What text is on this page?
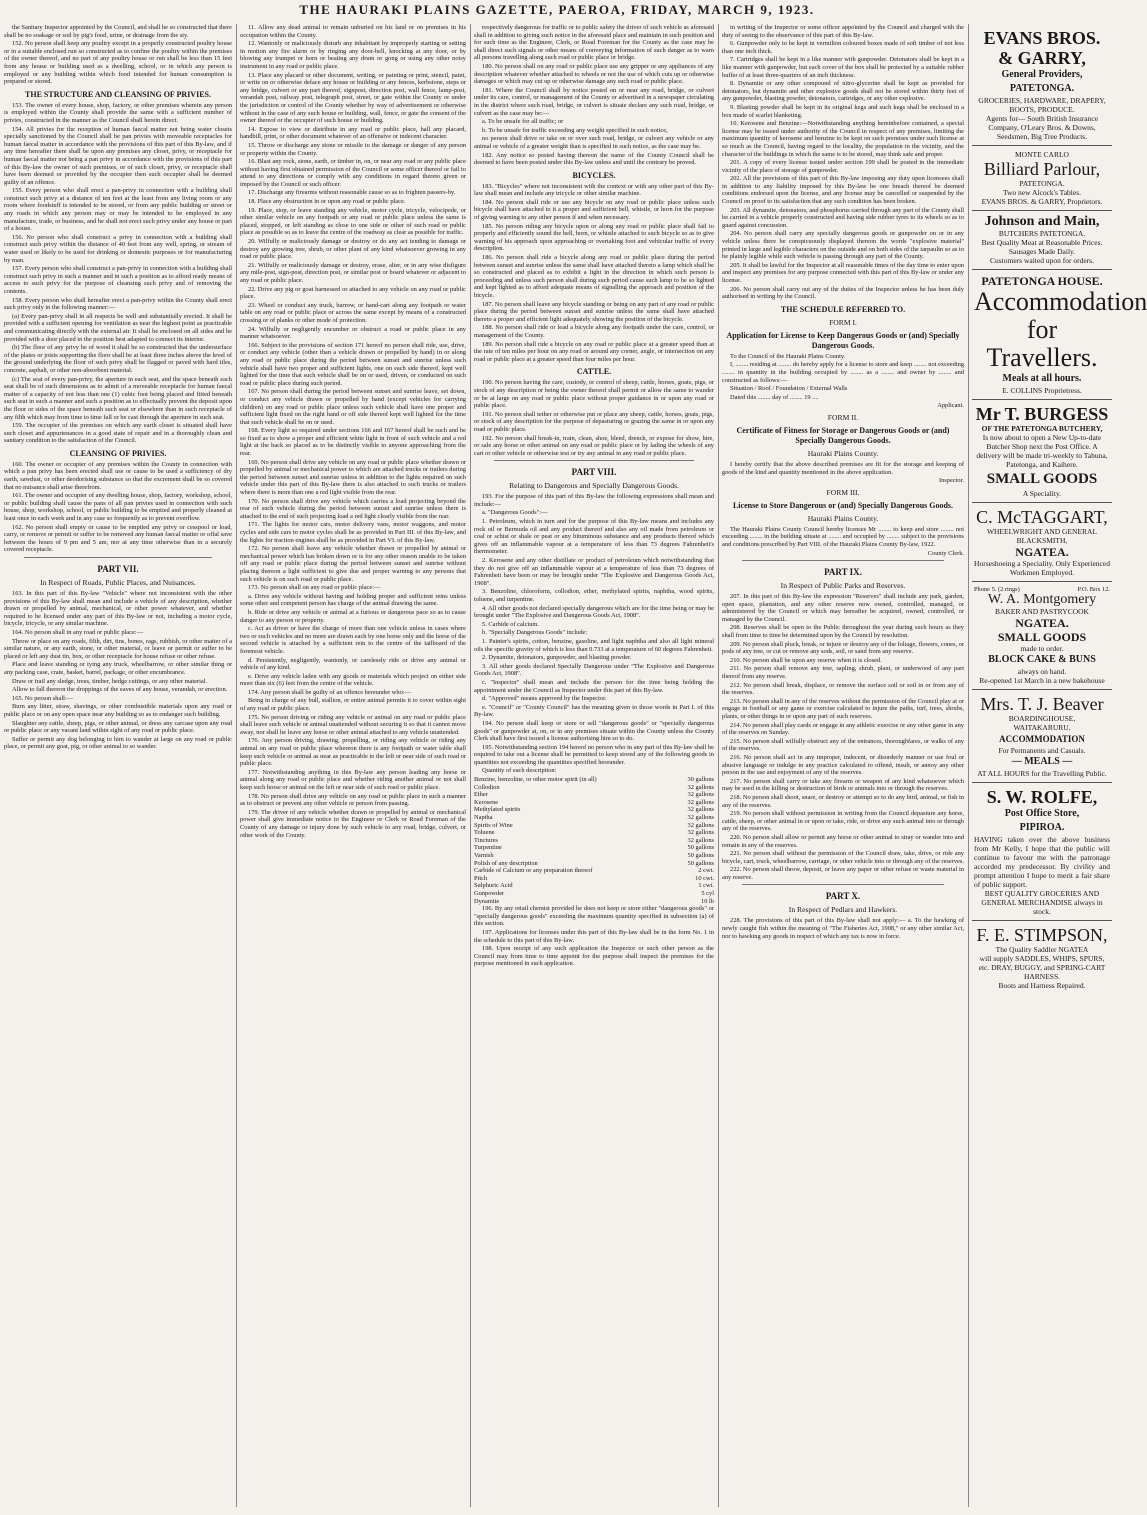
THE HAURAKI PLAINS GAZETTE, PAEROA, FRIDAY, MARCH 9, 1923.

the Sanitary Inspector appointed by the Council, and shall be so constructed that there shall be no soakage or soil by pig's food, urine, or drainage from the sty.

152. No person shall keep any poultry except in a properly constructed poultry house or in a suitable enclosed run so constructed as to confine the poultry within the premises of the owner thereof, and no part of any poultry house or run shall be less than 15 feet from any house or building used as a dwelling, school, or in which any person is employed or any building within which food intended for human consumption is prepared or stored.

THE STRUCTURE AND CLEANSING OF PRIVIES.

153. The owner of every house, shop, factory, or other premises wherein any person is employed within the County shall provide the same with a sufficient number of privies, constructed in the manner as the Council shall herein direct.

154. All privies for the reception of human faecal matter not being water closets specially sanctioned by the Council shall be pan privies with moveable receptacles for human faecal matter in accordance with the provisions of this part of this By-law, and if any time hereafter there shall be upon any premises any closet, privy, or receptacle for human faecal matter not being a pan privy in accordance with the provisions of this part of this By-law the owner of such premises, or of such closet, privy, or receptacle shall have been deemed or provided by the occupier then such occupier shall be deemed guilty of an offence.

155. Every person who shall erect a pan-privy in connection with a building shall construct such privy at a distance of ten feet at the least from any living room or any room where foodstuff is intended to be stored, or from any public building or street or any roads in which any person may or may be intended to be employed in any manufacture, trade, or business, and he shall not erect such privy under any house or part of a house.

156. No person who shall construct a privy in connection with a building shall construct such privy within the distance of 40 feet from any well, spring, or stream of water used or likely to be used for drinking or domestic purposes or for manufacturing by man.

157. Every person who shall construct a pan-privy in connection with a building shall construct such privy in such a manner and in such a position as to afford ready means of access to such privy for the purpose of cleansing such privy and of removing the contents.

158. Every person who shall hereafter erect a pan-privy within the County shall erect such privy only in the following manner:—

(a) Every pan-privy shall in all respects be well and substantially erected. It shall be provided with a sufficient opening for ventilation as near the highest point as practicable and communicating directly with the external air. It shall be enclosed on all sides and be provided with a door placed in the position best adapted to connect its interior.

(b) The floor of any privy be of wood it shall be so constructed that the undersurface of the plates or joists supporting the floor shall be at least three inches above the level of the ground underlying the floor of such privy shall be flagged or paved with hard tiles, concrete, asphalt, or other non-absorbent material.

(c) The seat of every pan-privy, the aperture in each seat, and the space beneath each seat shall be of such dimensions as to admit of a moveable receptacle for human faecal matter of a capacity of not less than one (1) cubic foot being placed and fitted beneath such seat in such a manner and such a position as to effectually prevent the deposit upon the floor or sides of the space beneath such seat or elsewhere than in such receptacle of any filth which may from time to time fall or be cast through the aperture in such seat.

159. The occupier of the premises on which any earth closet is situated shall have such closet and appurtenances in a good state of repair and in a thoroughly clean and sanitary condition to the satisfaction of the Council.

CLEANSING OF PRIVIES.

160. The owner or occupier of any premises within the County in connection with which a pan privy has been erected shall use or cause to be used a sufficiency of dry earth, sawdust, or other deodorising substance so that the excrement shall be so covered that no nuisance shall arise therefrom.

161. The owner and occupier of any dwelling house, shop, factory, workshop, school, or public building shall cause the pans of all pan privies used in connection with such house, shop, workshop, school, or public building to be emptied and properly cleaned at least once in each week and in any case so frequently as to prevent overflow.

162. No person shall empty or cause to be emptied any privy or cesspool or load, carry, or remove or permit or suffer to be removed any human faecal matter or offal save between the hours of 9 pm and 5 am, nor at any time otherwise than in a securely covered receptacle.

PART VII.

In Respect of Roads, Public Places, and Nuisances.

163. In this part of this By-law "Vehicle" where not inconsistent with the other provisions of this By-law shall mean and include a vehicle of any description, whether drawn or propelled by animal, mechanical, or other power whatever, and whether required to be licensed under any part of this By-law or not, including a motor cycle, bicycle, tricycle, or any similar machine.

164. No person shall in any road or public place:—

Throw or place on any roads, filth, dirt, tins, bones, rags, rubbish, or other matter of a similar nature, or any earth, stone, or other material, or leave or permit or suffer to be placed or left any dust tin, box, or other receptacle for house refuse or other refuse.

Place and leave standing or tying any truck, wheelbarrow, or other similar thing or any packing case, crate, basket, barrel, package, or other encumbrance.

Draw or trail any sledge, trees, timber, hedge cuttings, or any other material.

Allow to fall thereon the droppings of the eaves of any house, verandah, or erection.

165. No person shall:—

Burn any litter, straw, shavings, or other combustible materials upon any road or public place or on any open space near any building so as to endanger such building.

Slaughter any cattle, sheep, pigs, or other animal, or dress any carcase upon any road or public place or any vacant land within sight of any road or public place.

Suffer or permit any dog belonging to him to wander at large on any road or public place, or permit any goat, pig, or other animal to so wander.

11. Allow any dead animal to remain unburied on his land or on premises in his occupation within the County.

12. Wantonly or maliciously disturb any inhabitant by improperly starting or setting in motion any fire alarm or by ringing any door-bell, knocking at any door, or by blowing any trumpet or horn or beating any drum or gong or using any other noisy instrument in any road or public place.

13. Place any placard or other document, writing, or painting or print, stencil, paint, or write on or otherwise deface any house or building or any fences, kerbstone, steps or any bridge, culvert or any part thereof, signpost, direction post, wall fence, lamp-post, verandah post, railway post, telegraph post, street, or gate within the County or under the jurisdiction or control of the County whether by way of advertisement or otherwise without in the case of any such house or building, wall, fence, or gate the consent of the owner thereof or the occupier of such house or building.

14. Expose to view or distribute in any road or public place, hall any placard, handbill, print, or other document whatever of an offensive or indecent character.

15. Throw or discharge any stone or missile to the damage or danger of any person or property within the County.

16. Blast any rock, stone, earth, or timber in, on, or near any road or any public place without having first obtained permission of the Council or some officer thereof or fail to attend to any directions or comply with any conditions in regard thereto given or imposed by the Council or such officer.

17. Discharge any firearms without reasonable cause so as to frighten passers-by.

18. Place any obstruction in or upon any road or public place.

19. Place, stop, or leave standing any vehicle, motor cycle, tricycle, velocipede, or other similar vehicle on any footpath or any road or public place unless the same is placed, stopped, or left standing as close to one side or other of such road or public place as possible so as to leave the centre of the roadway as clear as possible for traffic.

20. Wilfully or maliciously damage or destroy or do any act tending to damage or destroy any growing tree, shrub, or other plant of any kind whatsoever growing in any road or public place.

21. Wilfully or maliciously damage or destroy, erase, alter, or in any wise disfigure any mile-post, sign-post, direction post, or similar post or board whatever or adjacent to any road or public place.

22. Drive any pig or goat harnessed or attached to any vehicle on any road or public place.

23. Wheel or conduct any truck, barrow, or hand-cart along any footpath or water table on any road or public place or across the same except by means of a constructed crossing or of planks or other mode of protection.

24. Wilfully or negligently encumber or obstruct a road or public place in any manner whatsoever.

166. Subject to the provisions of section 171 hereof no person shall ride, use, drive, or conduct any vehicle (other than a vehicle drawn or propelled by hand) in or along any road or public place during the period between sunset and sunrise unless such vehicle shall have two proper and sufficient lights, one on each side thereof, kept well lighted for the time that such vehicle shall be on or used, driven, or conducted on such road or public place during such period.

167. No person shall during the period between sunset and sunrise leave, set down, or conduct any vehicle drawn or propelled by hand (except vehicles for carrying children) on any road or public place unless such vehicle shall have one proper and sufficient light fixed on the right hand or off side thereof kept well lighted for the time that such vehicle shall be on or used.

168. Every light so required under sections 166 and 167 hereof shall be such and be so fixed as to show a proper and efficient white light in front of such vehicle and a red light at the back so placed as to be distinctly visible to anyone approaching from the rear.

169. No person shall drive any vehicle on any road or public place whether drawn or propelled by animal or mechanical power to which are attached trucks or trailers during the period between sunset and sunrise unless in addition to the lights required on such vehicle under this part of this By-law there is also attached to such trucks or trailers where there is more than one a red light visible from the rear.

170. No person shall drive any vehicle which carries a load projecting beyond the rear of such vehicle during the period between sunset and sunrise unless there is attached to the end of such projecting load a red light clearly visible from the rear.

171. The lights for motor cars, motor delivery vans, motor waggons, and motor cycles and side cars to motor cycles shall be as provided in Part III. of this By-law, and the lights for traction engines shall be as provided in Part VI. of this By-law.

172. No person shall leave any vehicle whether drawn or propelled by animal or mechanical power which has broken down or is for any other reason unable to be taken off any road or public place during the period between sunset and sunrise without placing thereon a light sufficient to give due and proper warning to any persons that such vehicle is on such road or public place.

173. No person shall on any road or public place:—

a. Drive any vehicle without having and holding proper and sufficient reins unless some other and competent person has charge of the animal drawing the same.

b. Ride or drive any vehicle or animal at a furious or dangerous pace so as to cause danger to any person or property.

c. Act as driver or have the charge of more than one vehicle unless in cases where two or such vehicles and no more are drawn each by one horse only and the horse of the second vehicle is attached by a sufficient rein to the centre of the tailboard of the foremost vehicle.

d. Persistently, negligently, wantonly, or carelessly ride or drive any animal or vehicle of any kind.

e. Drive any vehicle laden with any goods or materials which project on either side more than six (6) feet from the centre of the vehicle.

174. Any person shall be guilty of an offence hereunder who:—

Being in charge of any bull, stallion, or entire animal permits it to cover within sight of any road or public place.

175. No person driving or riding any vehicle or animal on any road or public place shall leave such vehicle or animal unattended without securing it so that it cannot move away, nor shall he leave any horse or other animal attached to any vehicle unattended.

176. Any person driving, drawing, propelling, or riding any vehicle or riding any animal on any road or public place whereon there is any footpath or water table shall keep such vehicle or animal as near as practicable to the left or near side of such road or public place.

177. Notwithstanding anything in this By-law any person leading any horse or animal along any road or public place and whether riding another animal or not shall keep such horse or animal on the left or near side of such road or public place.

178. No person shall drive any vehicle on any road or public place in such a manner as to obstruct or prevent any other vehicle or person from passing.

179. The driver of any vehicle whether drawn or propelled by animal or mechanical power shall give immediate notice to the Engineer or Clerk or Road Foreman of the County of any damage or injury done by such vehicle to any road, bridge, culvert, or other work of the County.

respectively dangerous for traffic or to public safety the driver of such vehicle as aforesaid shall in addition to giving such notice in the aforesaid place and maintain in such position and for such time as the Engineer, Clerk, or Road Foreman for the County as the case may be shall direct such signals or other means of conveying information of such danger as to warn all persons travelling along such road or public place or bridge.

180. No person shall on any road or public place use any gripper or any appliances of any description whatever whether attached to wheels or not the use of which cuts up or otherwise damages or which may cut up or otherwise damage any such road or public place.

181. Where the Council shall by notice posted on or near any road, bridge, or culvert under its care, control, or management of the County or advertised in a newspaper circulating in the district where such road, bridge, or culvert is situate declare any such road, bridge, or culvert as the case may be:—

a. To be unsafe for all traffic; or

b. To be unsafe for traffic exceeding any weight specified in such notice,

no person shall drive or take on or over such road, bridge, or culvert any vehicle or any animal or vehicle of a greater weight than is specified in such notice, as the case may be.

182. Any notice so posted having thereon the name of the County Council shall be deemed to have been posted under this By-law unless and until the contrary be proved.

BICYCLES.

183. "Bicycles" where not inconsistent with the context or with any other part of this By-law shall mean and include any tricycle or other similar machine.

184. No person shall ride or use any bicycle on any road or public place unless such bicycle shall have attached to it a proper and sufficient bell, whistle, or horn for the purpose of giving warning to any other person if and when necessary.

185. No person riding any bicycle upon or along any road or public place shall fail to properly and efficiently sound the bell, horn, or whistle attached to such bicycle so as to give warning of his approach upon approaching or overtaking foot and vehicular traffic of every description.

186. No person shall ride a bicycle along any road or public place during the period between sunset and sunrise unless the same shall have attached thereto a lamp which shall be so constructed and placed as to exhibit a light in the direction in which such person is proceeding and unless such person shall during such period cause such lamp to be so lighted and kept lighted as to afford adequate means of signalling the approach and position of the bicycle.

187. No person shall leave any bicycle standing or being on any part of any road or public place during the period between sunset and sunrise unless the same shall have attached thereto a proper and efficient light adequately showing the position of the bicycle.

188. No person shall ride or lead a bicycle along any footpath under the care, control, or management of the County.

189. No person shall ride a bicycle on any road or public place at a greater speed than at the rate of ten miles per hour on any road or around any corner, angle, or intersection on any road or public place at a greater speed than four miles per hour.

CATTLE.

190. No person having the care, custody, or control of sheep, cattle, horses, goats, pigs, or stock of any description or being the owner thereof shall permit or allow the same to wander or be at large on any road or public place without proper guidance in or upon any road or public place.

191. No person shall tether or otherwise put or place any sheep, cattle, horses, goats, pigs, or stock of any description for the purpose of depasturing or grazing the same in or upon any road or public place.

192. No person shall break-in, train, clean, shoe, bleed, drench, or expose for show, hire, or sale any horse or other animal on any road or public place or by lading the wheels of any cart or other vehicle or otherwise test or try any animal in any road or public place.

PART VIII.

Relating to Dangerous and Specially Dangerous Goods.

193. For the purpose of this part of this By-law the following expressions shall mean and include:—

a. "Dangerous Goods":—

1. Petroleum, which in turn and for the purpose of this By-law means and includes any rock oil or Bermuda oil and any product thereof and also any oil made from petroleum or coal or schist or shale or peat or any bituminous substance and any products thereof which gives off an inflammable vapour at a temperature of less than 73 degrees Fahrenheit's thermometer.

2. Kerosene and any other distillate or product of petroleum which notwithstanding that they do not give off an inflammable vapour at a temperature of less than 73 degrees of Fahrenheit have been or may be brought under "The Explosive and Dangerous Goods Act, 1908".

3. Benzoline, chloroform, collodion, ether, methylated spirits, naphtha, wood spirits, toluene, and turpentine.

4. All other goods not declared specially dangerous which are for the time being or may be brought under "The Explosive and Dangerous Goods Act, 1908".

5. Carbide of calcium.

b. "Specially Dangerous Goods" include:

1. Painter's spirits, cotton, benzine, gasoline, and light naphtha and also all light mineral oils the specific gravity of which is less than 0.733 at a temperature of 60 degrees Fahrenheit.

2. Dynamite, detonators, gunpowder, and blasting powder.

3. All other goods declared Specially Dangerous under "The Explosive and Dangerous Goods Act, 1908".

c. "Inspector" shall mean and include the person for the time being holding the appointment under the Council as Inspector under this part of this By-law.

d. "Approved" means approved by the Inspector.

e. "Council" or "County Council" has the meaning given to those words in Part I. of this By-law.

194. No person shall keep or store or sell "dangerous goods" or "specially dangerous goods" or gunpowder at, on, or in any premises situate within the County unless the County Clerk shall have first issued a license authorising him so to do.

195. Notwithstanding section 194 hereof no person who in any part of this By-law shall be required to take out a license shall be permitted to keep stored any of the following goods in quantities not exceeding the quantities specified hereunder.

Quantity of each description:

Benzine, benzoline, or other motor spirit (in all)	30 gallons
Collodion	32 gallons
Ether	32 gallons
Kerosene	32 gallons
Methylated spirits	32 gallons
Naptha	32 gallons
Spirits of Wine	32 gallons
Toluene	32 gallons
Tinctures	32 gallons
Turpentine	50 gallons
Varnish	50 gallons
Polish of any description	50 gallons
Carbide of Calcium or any preparation thereof	2 cwt.
Pitch	10 cwt.
Sulphuric Acid	1 cwt.
Gunpowder	5 cyl
Dynamite	10 lb

196. By any retail chemist provided he does not keep or store either "dangerous goods" or "specially dangerous goods" exceeding the maximum quantity specified in subsection (a) of this section.

197. Applications for licenses under this part of this By-law shall be in the form No. 1 in the schedule to this part of this By-law.

198. Upon receipt of any such application the Inspector or such other person as the Council may from time to time appoint for the purpose shall inspect the premises for the purpose mentioned in such application.

in writing of the Inspector or some officer appointed by the Council and charged with the duty of seeing to the observance of this part of this By-law.

6. Gunpowder only to be kept in vermilion coloured boxes made of soft timber of not less than one inch thick.

7. Cartridges shall be kept in a like manner with gunpowder. Detonators shall be kept in a like manner with gunpowder, but each cover of the box shall be protected by a suitable rubber buffer of at least three-quarters of an inch thickness.

8. Dynamite or any other compound of nitro-glycerine shall be kept as provided for detonators, but dynamite and other explosive goods shall not be stored within thirty feet of any gunpowder, blasting powder, detonators, cartridges, or any other explosive.

9. Blasting powder shall be kept in its original kegs and such kegs shall be enclosed in a box made of scarlet blanketing.

10. Kerosene and Benzine:—Notwithstanding anything hereinbefore contained, a special license may be issued under authority of the Council in respect of any premises, limiting the maximum quantity of kerosene and benzine to be kept on such premises under such license at so much as the Council, having regard to the locality, the population in the vicinity, and the character of the buildings in which the same is to be stored, may think safe and proper.

201. A copy of every license issued under section 199 shall be posted in the immediate vicinity of the place of storage of gunpowder.

202. All the provisions of this part of this By-law imposing any duty upon licensees shall in addition to any liability imposed by this By-law be one breach thereof be deemed conditions endorsed upon the license, and any license may be cancelled or suspended by the Council on proof to its satisfaction that any such condition has been broken.

203. All dynamite, detonators, and phosphorus carried through any part of the County shall be carried in a vehicle properly constructed and having side rubber tyres to its wheels so as to guard against concussion.

204. No person shall carry any specially dangerous goods or gunpowder on or in any vehicle unless there be conspicuously displayed thereon the words "explosive material" printed in large and legible characters on the outside and on both sides of the tarpaulin so as to be plainly legible while such vehicle is passing through any part of the County.

205. It shall be lawful for the Inspector at all reasonable times of the day time to enter upon and inspect any premises for any purpose connected with this part of this By-law or under any license.

206. No person shall carry out any of the duties of the Inspector unless he has been duly authorised in writing by the Council.

THE SCHEDULE REFERRED TO.

FORM I.

Application for License to Keep Dangerous Goods or (and) Specially Dangerous Goods.

To the Council of the Hauraki Plains County.

I, ........ residing at ........ do hereby apply for a license to store and keep ........ not exceeding ........ in quantity in the building occupied by ........ as a ........ and owner by ........ and constructed as follows:—

Situation / Roof / Foundation / External Walls

Dated this ........ day of ........ 19 ....

Applicant.

FORM II.

Certificate of Fitness for Storage or Dangerous Goods or (and) Specially Dangerous Goods.

Hauraki Plains County.

I hereby certify that the above described premises are fit for the storage and keeping of goods of the kind and quantity mentioned in the above application.

Inspector.

FORM III.

License to Store Dangerous or (and) Specially Dangerous Goods.

Hauraki Plains County.

The Hauraki Plains County Council hereby licenses Mr ........ to keep and store ........ not exceeding ........ in the building situate at ........ and occupied by ........ subject to the provisions and conditions prescribed by Part VIII. of the Hauraki Plains County By-law, 1922.

County Clerk.

PART IX.

In Respect of Public Parks and Reserves.

207. In this part of this By-law the expression "Reserves" shall include any park, garden, open space, plantation, and any other reserve now owned, controlled, managed, or administered by the Council or which may hereafter be acquired, owned, controlled, or managed by the Council.

208. Reserves shall be open to the Public throughout the year during such hours as they shall from time to time be determined upon by the Council by resolution.

209. No person shall pluck, break, or injure or destroy any of the foliage, flowers, cones, or pods of any tree, or cut or remove any sods, soil, or sand from any reserve.

210. No person shall be upon any reserve when it is closed.

211. No person shall remove any tree, sapling, shrub, plant, or underwood of any part thereof from any reserve.

212. No person shall break, displace, or remove the surface soil or soil in or from any of the reserves.

213. No person shall in any of the reserves without the permission of the Council play at or engage in football or any game or exercise calculated to injure the paths, turf, trees, shrubs, plants, or other things in or upon any part of such reserves.

214. No person shall play cards or engage in any athletic exercise or any other game in any of the reserves on Sunday.

215. No person shall wilfully obstruct any of the entrances, thoroughfares, or walks of any of the reserves.

216. No person shall act in any improper, indecent, or disorderly manner or use foul or abusive language or indulge in any practice calculated to offend, insult, or annoy any other person in the use and enjoyment of any of the reserves.

217. No person shall carry or take any firearm or weapon of any kind whatsoever which may be used in the killing or destruction of birds or animals into or through the reserves.

218. No person shall shoot, snare, or destroy or attempt so to do any bird, animal, or fish in any of the reserves.

219. No person shall without permission in writing from the Council depasture any horse, cattle, sheep, or other animal in or upon or take, ride, or drive any such animal into or through any of the reserves.

220. No person shall allow or permit any horse or other animal to stray or wander into and remain in any of the reserves.

221. No person shall without the permission of the Council draw, take, drive, or ride any bicycle, cart, truck, wheelbarrow, carriage, or other vehicle into or through any of the reserves.

222. No person shall throw, deposit, or leave any paper or other refuse or waste material in any reserve.

PART X.

In Respect of Pedlars and Hawkers.

228. The provisions of this part of this By-law shall not apply:— a. To the hawking of newly caught fish within the meaning of "The Fisheries Act, 1908," or any other similar Act, nor to hawking any goods in respect of which any tax is now in force.

EVANS BROS. & GARRY,
General Providers, PATETONGA.
GROCERIES, HARDWARE, DRAPERY, BOOTS, PRODUCE.
Agents for— South British Insurance Company, O'Leary Bros. & Downs, Seedsmen, Big Tree Products.
MONTE CARLO
Billiard Parlour,
PATETONGA.
Two new Alcock's Tables.
EVANS BROS. & GARRY, Proprietors.
Johnson and Main,
BUTCHERS PATETONGA.
Best Quality Meat at Reasonable Prices.
Sausages Made Daily.
Customers waited upon for orders.
PATETONGA HOUSE.
Accommodation for Travellers.
Meals at all hours.
E. COLLINS Proprietress.
Mr T. BURGESS
OF THE PATETONGA BUTCHERY,
Is now about to open a New Up-to-date Butcher Shop next the Post Office. A delivery will be made tri-weekly to Tahuna, Patetonga, and Kaihere.
SMALL GOODS
A Speciality.
C. McTAGGART,
WHEELWRIGHT AND GENERAL BLACKSMITH,
NGATEA.
Horseshoeing a Speciality. Only Experienced Workmen Employed.
Phone 5. (2 rings)	P.O. Box 12.
W. A. Montgomery
BAKER AND PASTRYCOOK
NGATEA.
SMALL GOODS
made to order.
BLOCK CAKE & BUNS
always on hand.
Re-opened 1st March in a new bakehouse
Mrs. T. J. Beaver
BOARDINGHOUSE,
WAITAKARURU.
ACCOMMODATION
For Permanents and Casuals.
— MEALS —
AT ALL HOURS for the Travelling Public.
S. W. ROLFE,
Post Office Store,
PIPIROA.
HAVING taken over the above business from Mr Kelly, I hope that the public will continue to favour me with the patronage accorded my predecessor. By civility and prompt attention I hope to merit a fair share of public support.
BEST QUALITY GROCERIES AND GENERAL MERCHANDISE always in stock.
F. E. STIMPSON,
The Quality Saddler NGATEA
will supply SADDLES, WHIPS, SPURS, etc. DRAY, BUGGY, and SPRING-CART HARNESS.
Boots and Harness Repaired.
